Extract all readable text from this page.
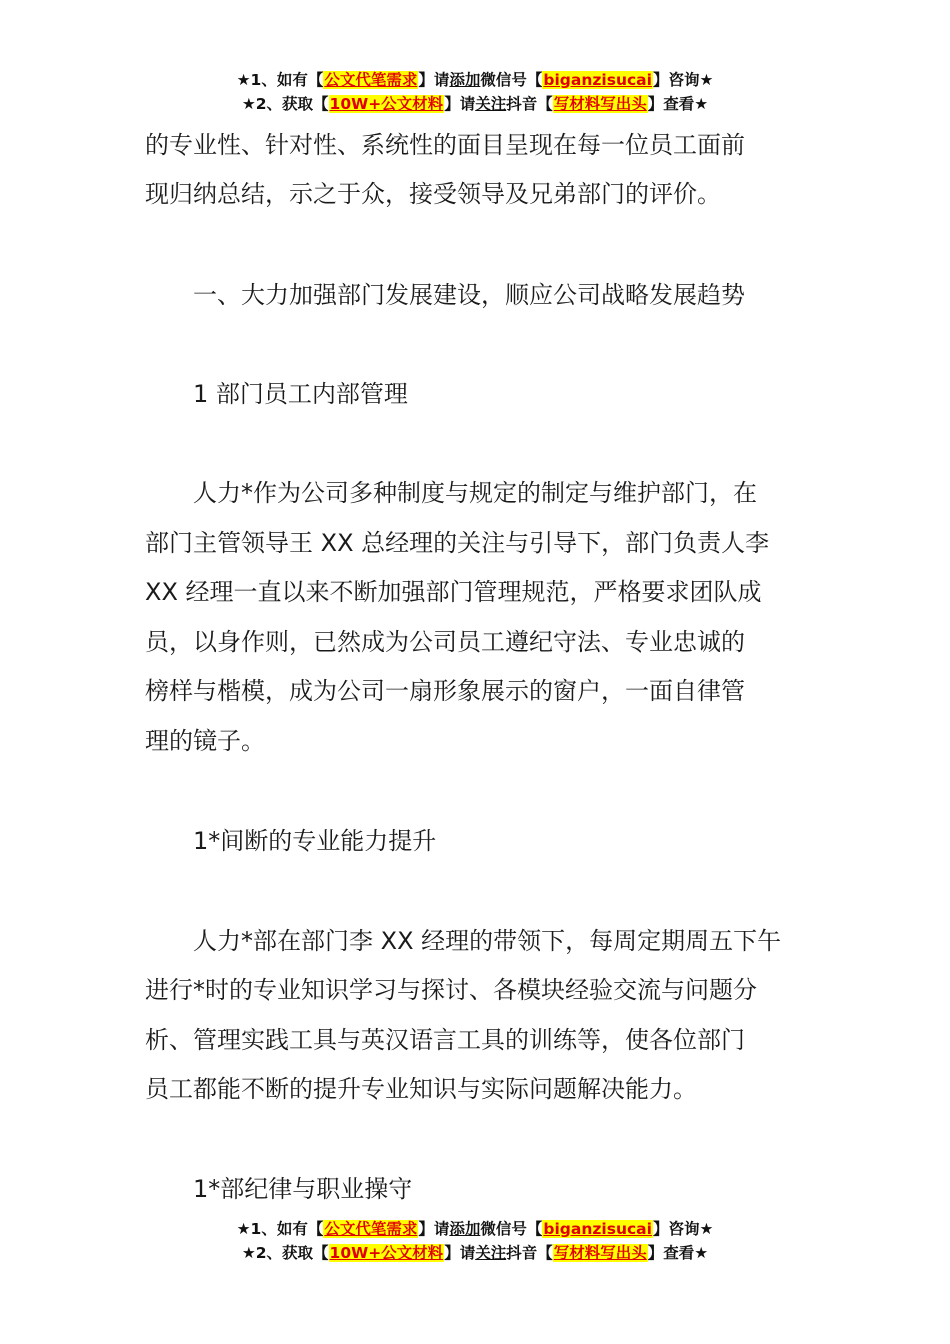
★1、如有【公文代笔需求】请添加微信号【biganzisucai】咨询★
★2、获取【10W+公文材料】请关注抖音【写材料写出头】查看★

的专业性、针对性、系统性的面目呈现在每一位员工面前

现归纳总结，示之于众，接受领导及兄弟部门的评价。

一、大力加强部门发展建设，顺应公司战略发展趋势

1 部门员工内部管理

人力*作为公司多种制度与规定的制定与维护部门，在

部门主管领导王 XX 总经理的关注与引导下，部门负责人李

XX 经理一直以来不断加强部门管理规范，严格要求团队成

员，以身作则，已然成为公司员工遵纪守法、专业忠诚的

榜样与楷模，成为公司一扇形象展示的窗户，一面自律管

理的镜子。

1*间断的专业能力提升

人力*部在部门李 XX 经理的带领下，每周定期周五下午

进行*时的专业知识学习与探讨、各模块经验交流与问题分

析、管理实践工具与英汉语言工具的训练等，使各位部门

员工都能不断的提升专业知识与实际问题解决能力。

1*部纪律与职业操守

★1、如有【公文代笔需求】请添加微信号【biganzisucai】咨询★
★2、获取【10W+公文材料】请关注抖音【写材料写出头】查看★
